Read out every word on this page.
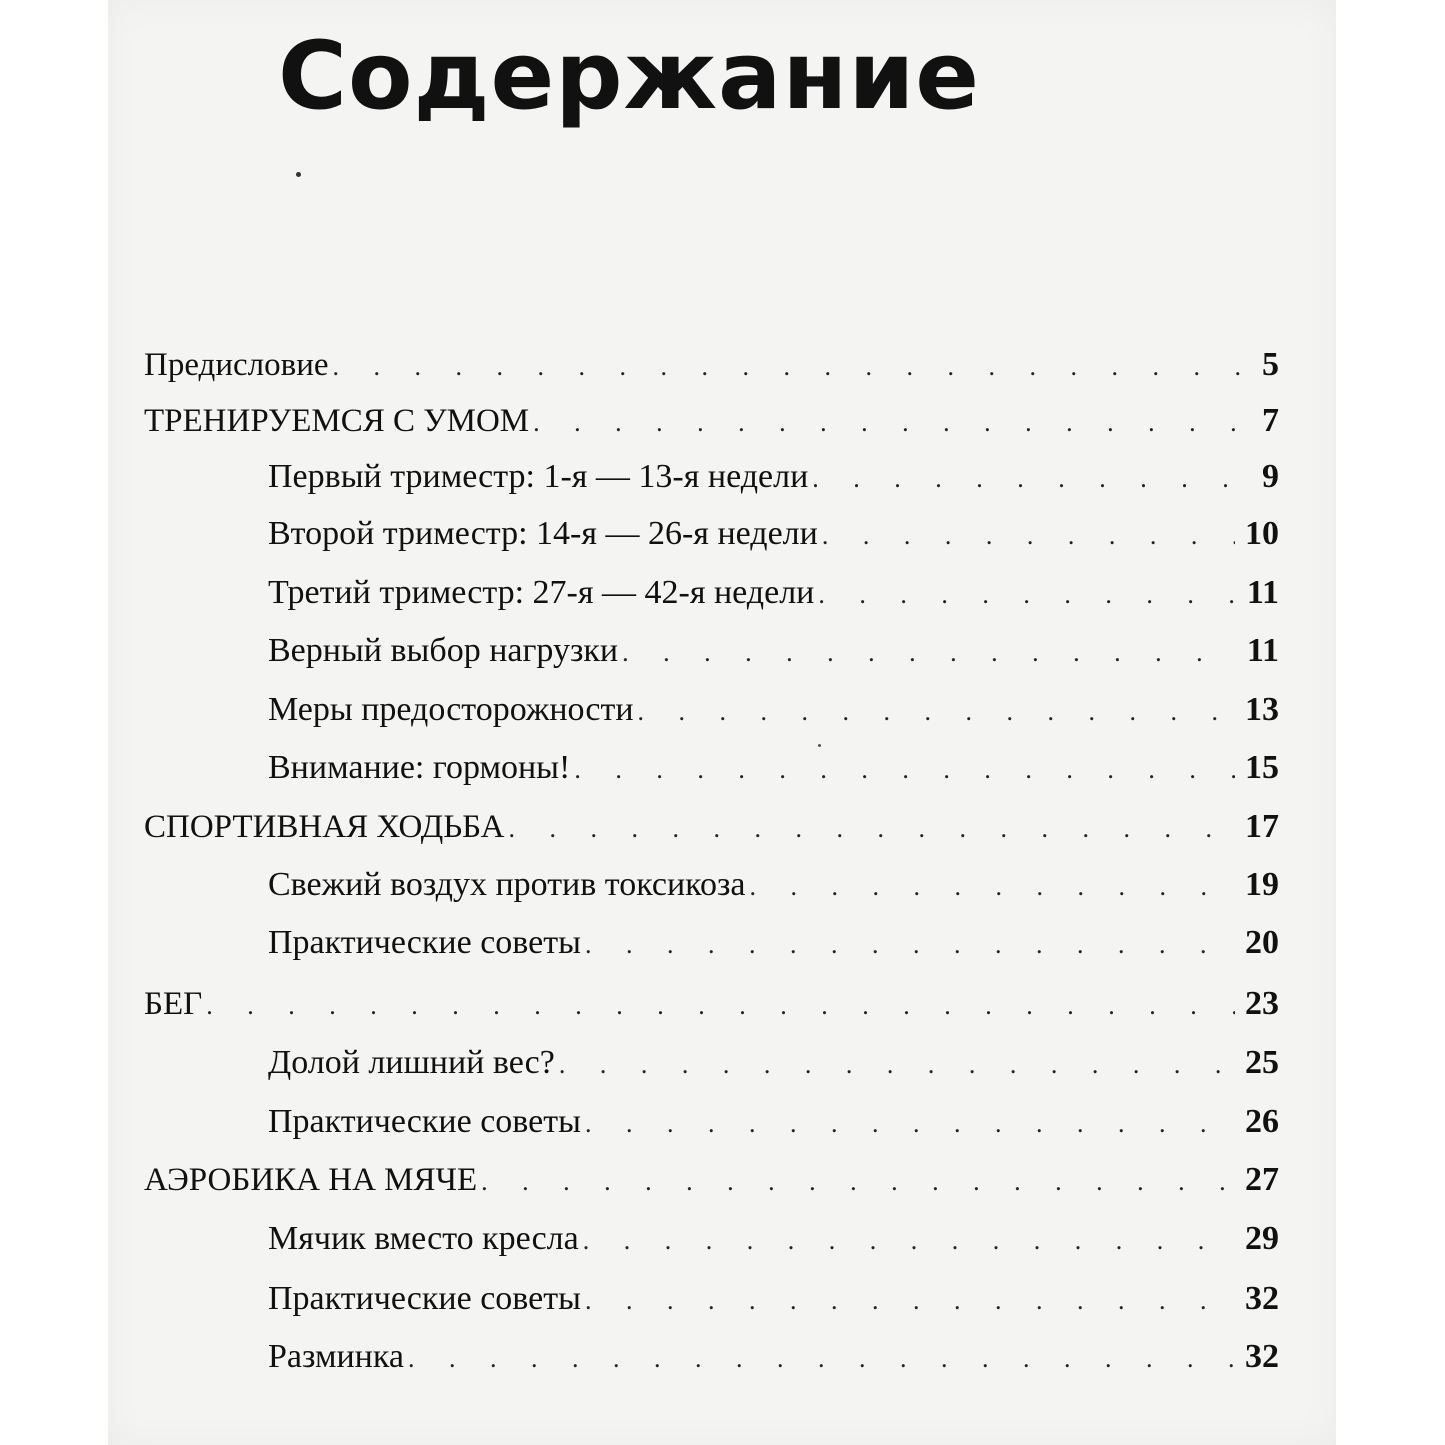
Содержание
Предисловие . . .	5
ТРЕНИРУЕМСЯ С УМОМ . . .	7
Первый триместр: 1-я — 13-я недели . . .	9
Второй триместр: 14-я — 26-я недели . . .	10
Третий триместр: 27-я — 42-я недели . . .	11
Верный выбор нагрузки . . .	11
Меры предосторожности . . .	13
Внимание: гормоны! . . .	15
СПОРТИВНАЯ ХОДЬБА . . .	17
Свежий воздух против токсикоза . . .	19
Практические советы . . .	20
БЕГ . . .	23
Долой лишний вес? . . .	25
Практические советы . . .	26
АЭРОБИКА НА МЯЧЕ . . .	27
Мячик вместо кресла . . .	29
Практические советы . . .	32
Разминка . . .	32
